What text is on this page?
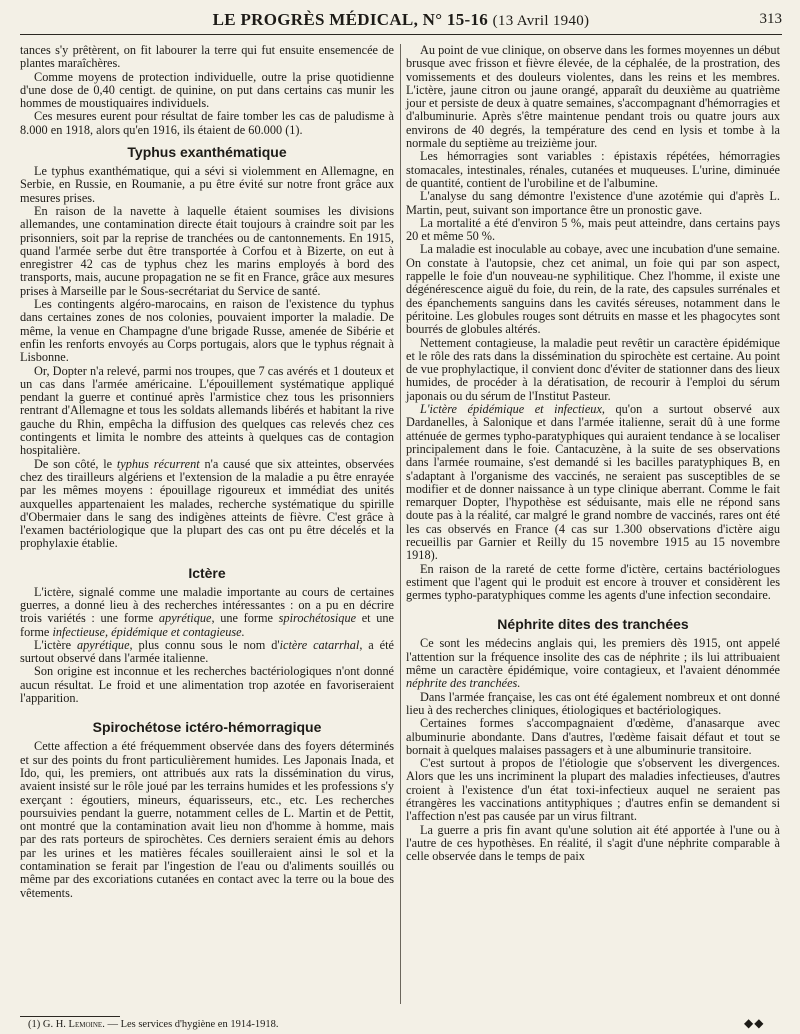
LE PROGRÈS MÉDICAL, N° 15-16 (13 Avril 1940)	313

tances s'y prêtèrent, on fit labourer la terre qui fut ensuite ensemencée de plantes maraîchères.

Comme moyens de protection individuelle, outre la prise quotidienne d'une dose de 0,40 centigt. de quinine, on put dans certains cas munir les hommes de moustiquaires individuels.

Ces mesures eurent pour résultat de faire tomber les cas de paludisme à 8.000 en 1918, alors qu'en 1916, ils étaient de 60.000 (1).

Typhus exanthématique

Le typhus exanthématique, qui a sévi si violemment en Allemagne, en Serbie, en Russie, en Roumanie, a pu être évité sur notre front grâce aux mesures prises.

En raison de la navette à laquelle étaient soumises les divisions allemandes, une contamination directe était toujours à craindre soit par les prisonniers, soit par la reprise de tranchées ou de cantonnements. En 1915, quand l'armée serbe dut être transportée à Corfou et à Bizerte, on eut à enregistrer 42 cas de typhus chez les marins employés à bord des transports, mais, aucune propagation ne se fit en France, grâce aux mesures prises à Marseille par le Sous-secrétariat du Service de santé.

Les contingents algéro-marocains, en raison de l'existence du typhus dans certaines zones de nos colonies, pouvaient importer la maladie. De même, la venue en Champagne d'une brigade Russe, amenée de Sibérie et enfin les renforts envoyés au Corps portugais, alors que le typhus régnait à Lisbonne.

Or, Dopter n'a relevé, parmi nos troupes, que 7 cas avérés et 1 douteux et un cas dans l'armée américaine. L'épouillement systématique appliqué pendant la guerre et continué après l'armistice chez tous les prisonniers rentrant d'Allemagne et tous les soldats allemands libérés et habitant la rive gauche du Rhin, empêcha la diffusion des quelques cas relevés chez ces contingents et limita le nombre des atteints à quelques cas de contagion hospitalière.

De son côté, le typhus récurrent n'a causé que six atteintes, observées chez des tirailleurs algériens et l'extension de la maladie a pu être enrayée par les mêmes moyens : épouillage rigoureux et immédiat des unités auxquelles appartenaient les malades, recherche systématique du spirille d'Obermaier dans le sang des indigènes atteints de fièvre. C'est grâce à l'examen bactériologique que la plupart des cas ont pu être décelés et la prophylaxie établie.

Ictère

L'ictère, signalé comme une maladie importante au cours de certaines guerres, a donné lieu à des recherches intéressantes : on a pu en décrire trois variétés : une forme apyrétique, une forme spirochétosique et une forme infectieuse, épidémique et contagieuse.

L'ictère apyrétique, plus connu sous le nom d'ictère catarrhal, a été surtout observé dans l'armée italienne.

Son origine est inconnue et les recherches bactériologiques n'ont donné aucun résultat. Le froid et une alimentation trop azotée en favoriseraient l'apparition.

Spirochétose ictéro-hémorragique

Cette affection a été fréquemment observée dans des foyers déterminés et sur des points du front particulièrement humides. Les Japonais Inada, et Ido, qui, les premiers, ont attribués aux rats la dissémination du virus, avaient insisté sur le rôle joué par les terrains humides et les professions s'y exerçant : égoutiers, mineurs, équarisseurs, etc., etc. Les recherches poursuivies pendant la guerre, notamment celles de L. Martin et de Pettit, ont montré que la contamination avait lieu non d'homme à homme, mais par des rats porteurs de spirochètes. Ces derniers seraient émis au dehors par les urines et les matières fécales souilleraient ainsi le sol et la contamination se ferait par l'ingestion de l'eau ou d'aliments souillés ou même par des excoriations cutanées en contact avec la terre ou la boue des vêtements.

Au point de vue clinique, on observe dans les formes moyennes un début brusque avec frisson et fièvre élevée, de la céphalée, de la prostration, des vomissements et des douleurs violentes, dans les reins et les membres. L'ictère, jaune citron ou jaune orangé, apparaît du deuxième au quatrième jour et persiste de deux à quatre semaines, s'accompagnant d'hémorragies et d'albuminurie. Après s'être maintenue pendant trois ou quatre jours aux environs de 40 degrés, la température des cend en lysis et tombe à la normale du septième au treizième jour.

Les hémorragies sont variables : épistaxis répétées, hémorragies stomacales, intestinales, rénales, cutanées et muqueuses. L'urine, diminuée de quantité, contient de l'urobiline et de l'albumine.

L'analyse du sang démontre l'existence d'une azotémie qui d'après L. Martin, peut, suivant son importance être un pronostic gave.

La mortalité a été d'environ 5 %, mais peut atteindre, dans certains pays 20 et même 50 %.

La maladie est inoculable au cobaye, avec une incubation d'une semaine. On constate à l'autopsie, chez cet animal, un foie qui par son aspect, rappelle le foie d'un nouveau-ne syphilitique. Chez l'homme, il existe une dégénérescence aiguë du foie, du rein, de la rate, des capsules surrénales et des épanchements sanguins dans les cavités séreuses, notamment dans le péritoine. Les globules rouges sont détruits en masse et les phagocytes sont bourrés de globules altérés.

Nettement contagieuse, la maladie peut revêtir un caractère épidémique et le rôle des rats dans la dissémination du spirochète est certaine. Au point de vue prophylactique, il convient donc d'éviter de stationner dans des lieux humides, de procéder à la dératisation, de recourir à l'emploi du sérum japonais ou du sérum de l'Institut Pasteur.

L'ictère épidémique et infectieux, qu'on a surtout observé aux Dardanelles, à Salonique et dans l'armée italienne, serait dû à une forme atténuée de germes typho-paratyphiques qui auraient tendance à se localiser principalement dans le foie. Cantacuzène, à la suite de ses observations dans l'armée roumaine, s'est demandé si les bacilles paratyphiques B, en s'adaptant à l'organisme des vaccinés, ne seraient pas susceptibles de se modifier et de donner naissance à un type clinique aberrant. Comme le fait remarquer Dopter, l'hypothèse est séduisante, mais elle ne répond sans doute pas à la réalité, car malgré le grand nombre de vaccinés, rares ont été les cas observés en France (4 cas sur 1.300 observations d'ictère aigu recueillis par Garnier et Reilly du 15 novembre 1915 au 15 novembre 1918).

En raison de la rareté de cette forme d'ictère, certains bactériologues estiment que l'agent qui le produit est encore à trouver et considèrent les germes typho-paratyphiques comme les agents d'une infection secondaire.

Néphrite dites des tranchées

Ce sont les médecins anglais qui, les premiers dès 1915, ont appelé l'attention sur la fréquence insolite des cas de néphrite ; ils lui attribuaient même un caractère épidémique, voire contagieux, et l'avaient dénommée néphrite des tranchées.

Dans l'armée française, les cas ont été également nombreux et ont donné lieu à des recherches cliniques, étiologiques et bactériologiques.

Certaines formes s'accompagnaient d'œdème, d'anasarque avec albuminurie abondante. Dans d'autres, l'œdème faisait défaut et tout se bornait à quelques malaises passagers et à une albuminurie transitoire.

C'est surtout à propos de l'étiologie que s'observent les divergences. Alors que les uns incriminent la plupart des maladies infectieuses, d'autres croient à l'existence d'un état toxi-infectieux auquel ne seraient pas étrangères les vaccinations antityphiques ; d'autres enfin se demandent si l'affection n'est pas causée par un virus filtrant.

La guerre a pris fin avant qu'une solution ait été apportée à l'une ou à l'autre de ces hypothèses. En réalité, il s'agit d'une néphrite comparable à celle observée dans le temps de paix

(1) G. H. Lemoine. — Les services d'hygiène en 1914-1918.	◆◆
